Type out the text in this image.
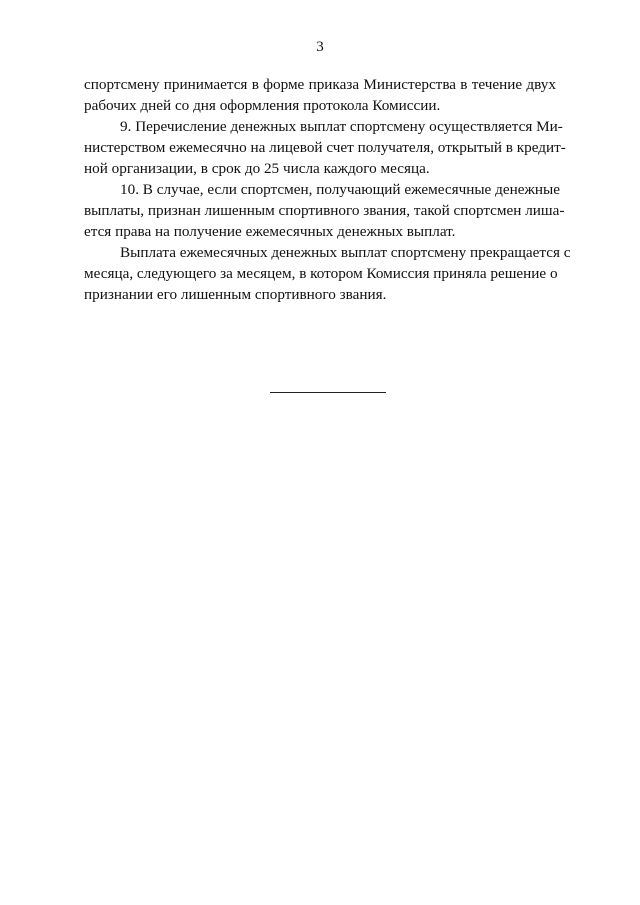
3

спортсмену принимается в форме приказа Министерства в течение двух
рабочих дней со дня оформления протокола Комиссии.

9. Перечисление денежных выплат спортсмену осуществляется Ми-
нистерством ежемесячно на лицевой счет получателя, открытый в кредит-
ной организации, в срок до 25 числа каждого месяца.

10. В случае, если спортсмен, получающий ежемесячные денежные
выплаты, признан лишенным спортивного звания, такой спортсмен лиша-
ется права на получение ежемесячных денежных выплат.

Выплата ежемесячных денежных выплат спортсмену прекращается с
месяца, следующего за месяцем, в котором Комиссия приняла решение о
признании его лишенным спортивного звания.
